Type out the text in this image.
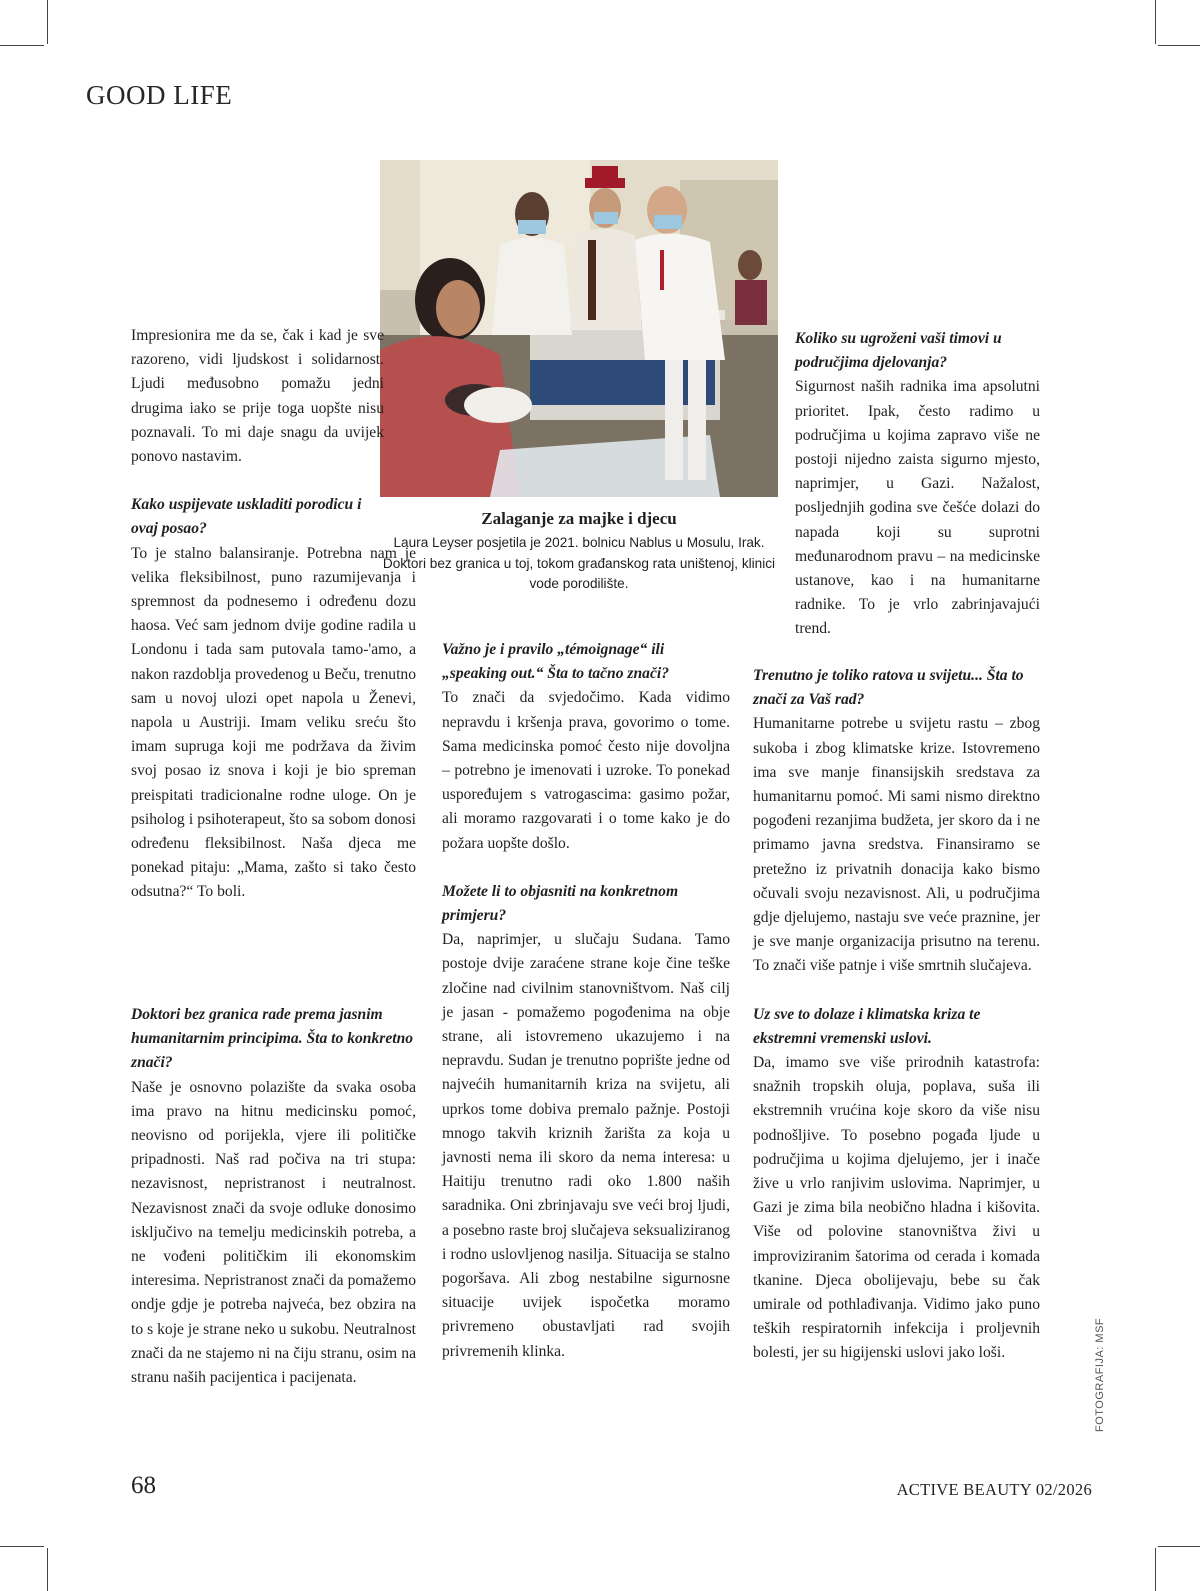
GOOD LIFE
Zalaganje za majke i djecu
Laura Leyser posjetila je 2021. bolnicu Nablus u Mosulu, Irak. Doktori bez granica u toj, tokom građanskog rata uništenoj, klinici vode porodilište.

Impresionira me da se, čak i kad je sve razoreno, vidi ljudskost i solidarnost. Ljudi međusobno pomažu jedni drugima iako se prije toga uopšte nisu poznavali. To mi daje snagu da uvijek ponovo nastavim.

Kako uspijevate uskladiti porodicu i ovaj posao?

To je stalno balansiranje. Potrebna nam je velika fleksibilnost, puno razumijevanja i spremnost da podnesemo i određenu dozu haosa. Već sam jednom dvije godine radila u Londonu i tada sam putovala tamo-'amo, a nakon razdoblja provedenog u Beču, trenutno sam u novoj ulozi opet napola u Ženevi, napola u Austriji. Imam veliku sreću što imam supruga koji me podržava da živim svoj posao iz snova i koji je bio spreman preispitati tradicionalne rodne uloge. On je psiholog i psihoterapeut, što sa sobom donosi određenu fleksibilnost. Naša djeca me ponekad pitaju: „Mama, zašto si tako često odsutna?“ To boli.

Doktori bez granica rade prema jasnim humanitarnim principima. Šta to konkretno znači?

Naše je osnovno polazište da svaka osoba ima pravo na hitnu medicinsku pomoć, neovisno od porijekla, vjere ili političke pripadnosti. Naš rad počiva na tri stupa: nezavisnost, nepristranost i neutralnost. Nezavisnost znači da svoje odluke donosimo isključivo na temelju medicinskih potreba, a ne vođeni političkim ili ekonomskim interesima. Nepristranost znači da pomažemo ondje gdje je potreba najveća, bez obzira na to s koje je strane neko u sukobu. Neutralnost znači da ne stajemo ni na čiju stranu, osim na stranu naših pacijentica i pacijenata.

Važno je i pravilo „témoignage“ ili „speaking out.“ Šta to tačno znači?

To znači da svjedočimo. Kada vidimo nepravdu i kršenja prava, govorimo o tome. Sama medicinska pomoć često nije dovoljna – potrebno je imenovati i uzroke. To ponekad uspoređujem s vatrogascima: gasimo požar, ali moramo razgovarati i o tome kako je do požara uopšte došlo.

Možete li to objasniti na konkretnom primjeru?

Da, naprimjer, u slučaju Sudana. Tamo postoje dvije zaraćene strane koje čine teške zločine nad civilnim stanovništvom. Naš cilj je jasan - pomažemo pogođenima na obje strane, ali istovremeno ukazujemo i na nepravdu. Sudan je trenutno poprište jedne od najvećih humanitarnih kriza na svijetu, ali uprkos tome dobiva premalo pažnje. Postoji mnogo takvih kriznih žarišta za koja u javnosti nema ili skoro da nema interesa: u Haitiju trenutno radi oko 1.800 naših saradnika. Oni zbrinjavaju sve veći broj ljudi, a posebno raste broj slučajeva seksualiziranog i rodno uslovljenog nasilja. Situacija se stalno pogoršava. Ali zbog nestabilne sigurnosne situacije uvijek ispočetka moramo privremeno obustavljati rad svojih privremenih klinka.

Koliko su ugroženi vaši timovi u područjima djelovanja?

Sigurnost naših radnika ima apsolutni prioritet. Ipak, često radimo u područjima u kojima zapravo više ne postoji nijedno zaista sigurno mjesto, naprimjer, u Gazi. Nažalost, posljednjih godina sve češće dolazi do napada koji su suprotni međunarodnom pravu – na medicinske ustanove, kao i na humanitarne radnike. To je vrlo zabrinjavajući trend.

Trenutno je toliko ratova u svijetu... Šta to znači za Vaš rad?

Humanitarne potrebe u svijetu rastu – zbog sukoba i zbog klimatske krize. Istovremeno ima sve manje finansijskih sredstava za humanitarnu pomoć. Mi sami nismo direktno pogođeni rezanjima budžeta, jer skoro da i ne primamo javna sredstva. Finansiramo se pretežno iz privatnih donacija kako bismo očuvali svoju nezavisnost. Ali, u područjima gdje djelujemo, nastaju sve veće praznine, jer je sve manje organizacija prisutno na terenu. To znači više patnje i više smrtnih slučajeva.

Uz sve to dolaze i klimatska kriza te ekstremni vremenski uslovi.

Da, imamo sve više prirodnih katastrofa: snažnih tropskih oluja, poplava, suša ili ekstremnih vrućina koje skoro da više nisu podnošljive. To posebno pogađa ljude u područjima u kojima djelujemo, jer i inače žive u vrlo ranjivim uslovima. Naprimjer, u Gazi je zima bila neobično hladna i kišovita. Više od polovine stanovništva živi u improviziranim šatorima od cerada i komada tkanine. Djeca obolijevaju, bebe su čak umirale od pothlađivanja. Vidimo jako puno teških respiratornih infekcija i proljevnih bolesti, jer su higijenski uslovi jako loši.	FOTOGRAFIJA: MSF
68	ACTIVE BEAUTY 02/2026
